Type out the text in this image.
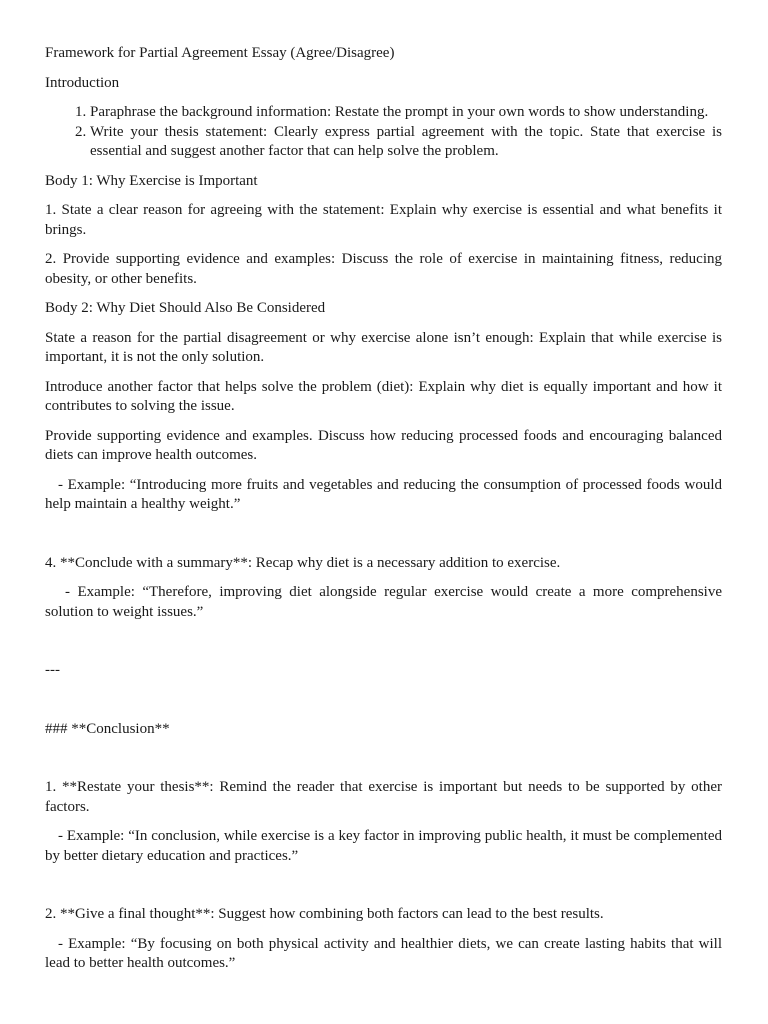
Framework for Partial Agreement Essay (Agree/Disagree)

Introduction

1. Paraphrase the background information: Restate the prompt in your own words to show understanding.
2. Write your thesis statement: Clearly express partial agreement with the topic. State that exercise is essential and suggest another factor that can help solve the problem.

Body 1: Why Exercise is Important

1. State a clear reason for agreeing with the statement: Explain why exercise is essential and what benefits it brings.

2. Provide supporting evidence and examples: Discuss the role of exercise in maintaining fitness, reducing obesity, or other benefits.

Body 2: Why Diet Should Also Be Considered

State a reason for the partial disagreement or why exercise alone isn’t enough: Explain that while exercise is important, it is not the only solution.

Introduce another factor that helps solve the problem (diet): Explain why diet is equally important and how it contributes to solving the issue.

Provide supporting evidence and examples. Discuss how reducing processed foods and encouraging balanced diets can improve health outcomes.

- Example: “Introducing more fruits and vegetables and reducing the consumption of processed foods would help maintain a healthy weight.”

4. **Conclude with a summary**: Recap why diet is a necessary addition to exercise.

- Example: “Therefore, improving diet alongside regular exercise would create a more comprehensive solution to weight issues.”

---

### **Conclusion**

1. **Restate your thesis**: Remind the reader that exercise is important but needs to be supported by other factors.

- Example: “In conclusion, while exercise is a key factor in improving public health, it must be complemented by better dietary education and practices.”

2. **Give a final thought**: Suggest how combining both factors can lead to the best results.

- Example: “By focusing on both physical activity and healthier diets, we can create lasting habits that will lead to better health outcomes.”
